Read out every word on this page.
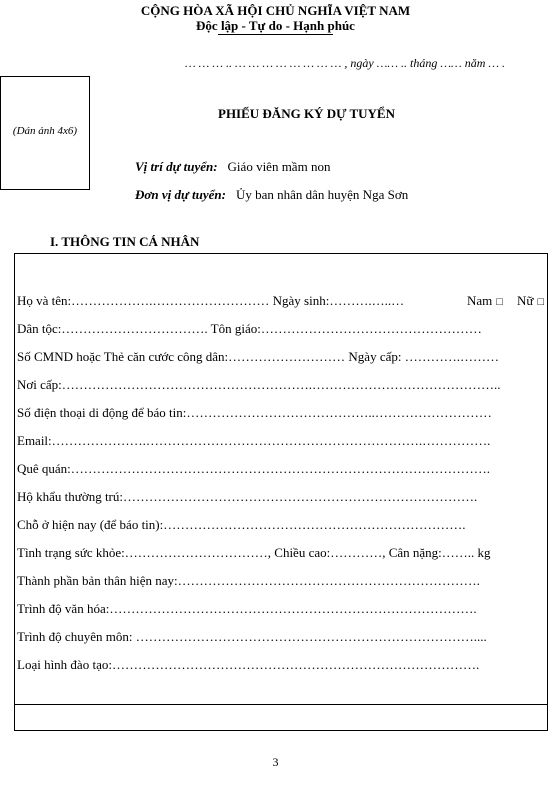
CỘNG HÒA XÃ HỘI CHỦ NGHĨA VIỆT NAM
Độc lập - Tự do - Hạnh phúc
… … … .. … … … … … … … … , ngày …… .. tháng …… năm … .
(Dán ảnh 4x6)
PHIẾU ĐĂNG KÝ DỰ TUYỂN
Vị trí dự tuyển: Giáo viên mầm non
Đơn vị dự tuyển: Ủy ban nhân dân huyện Nga Sơn
I. THÔNG TIN CÁ NHÂN
Họ và tên:……………….……………………… Ngày sinh:……….…..…	Nam □ Nữ □
Dân tộc:……………………………. Tôn giáo:……………………………………………
Số CMND hoặc Thẻ căn cước công dân:……………………… Ngày cấp: ………….………
Nơi cấp:………………………………………………….……………………………………..
Số điện thoại di động để báo tin:……………………………………..………………………
Email:………………….……………………………………………………….…………….
Quê quán:…………………………………………………………………………………….
Hộ khẩu thường trú:……………………………………………………………………….
Chỗ ở hiện nay (để báo tin):…………………………………………………………….
Tình trạng sức khỏe:……………………………, Chiều cao:…………, Cân nặng:…….. kg
Thành phần bản thân hiện nay:…………………………………………………………….
Trình độ văn hóa:………………………………………………………………………….
Trình độ chuyên môn: ……………………………………………………………………....
Loại hình đào tạo:………………………………………………………………………….
3
